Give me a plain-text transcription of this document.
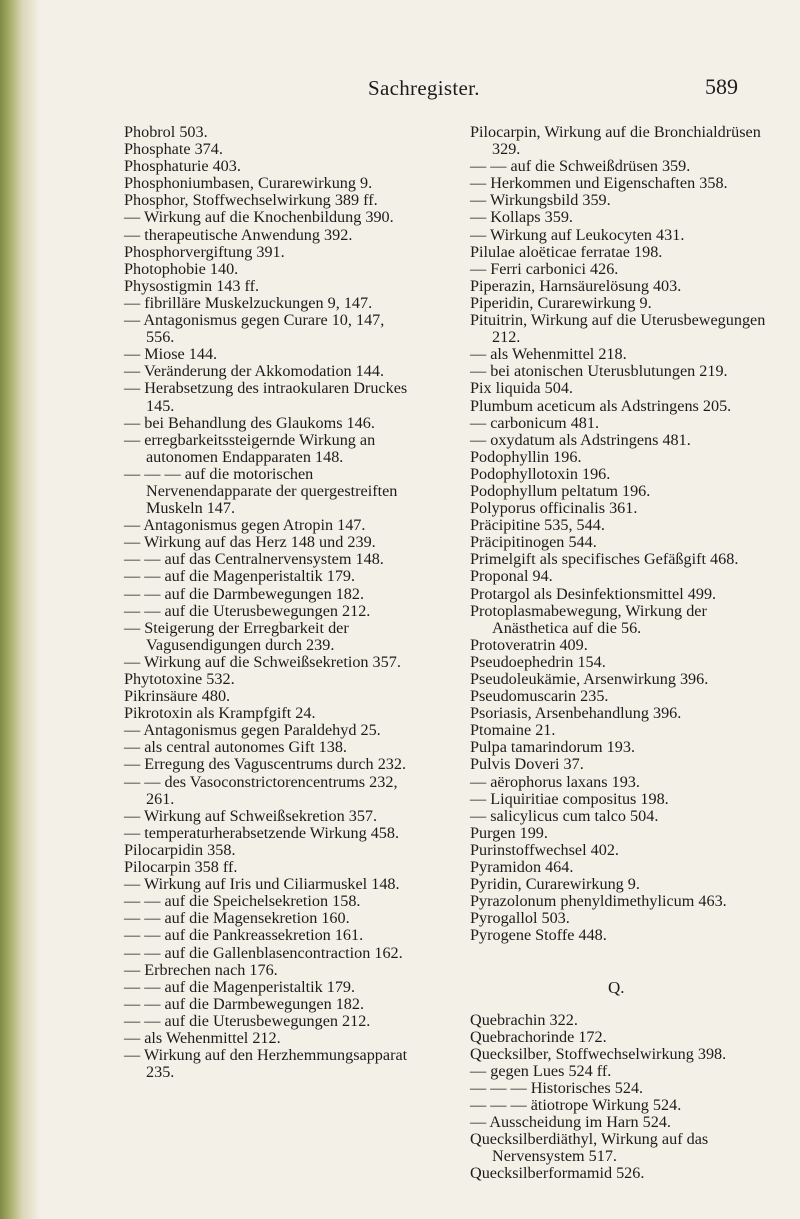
Sachregister.	589
Phobrol 503.
Phosphate 374.
Phosphaturie 403.
Phosphoniumbasen, Curarewirkung 9.
Phosphor, Stoffwechselwirkung 389 ff.
— Wirkung auf die Knochenbildung 390.
— therapeutische Anwendung 392.
Phosphorvergiftung 391.
Photophobie 140.
Physostigmin 143 ff.
— fibrilläre Muskelzuckungen 9, 147.
— Antagonismus gegen Curare 10, 147, 556.
— Miose 144.
— Veränderung der Akkomodation 144.
— Herabsetzung des intraokularen Druckes 145.
— bei Behandlung des Glaukoms 146.
— erregbarkeitssteigernde Wirkung an autonomen Endapparaten 148.
— — — auf die motorischen Nervenendapparate der quergestreiften Muskeln 147.
— Antagonismus gegen Atropin 147.
— Wirkung auf das Herz 148 und 239.
— — auf das Centralnervensystem 148.
— — auf die Magenperistaltik 179.
— — auf die Darmbewegungen 182.
— — auf die Uterusbewegungen 212.
— Steigerung der Erregbarkeit der Vagusendigungen durch 239.
— Wirkung auf die Schweißsekretion 357.
Phytotoxine 532.
Pikrinsäure 480.
Pikrotoxin als Krampfgift 24.
— Antagonismus gegen Paraldehyd 25.
— als central autonomes Gift 138.
— Erregung des Vaguscentrums durch 232.
— — des Vasoconstrictorencentrums 232, 261.
— Wirkung auf Schweißsekretion 357.
— temperaturherabsetzende Wirkung 458.
Pilocarpidin 358.
Pilocarpin 358 ff.
— Wirkung auf Iris und Ciliarmuskel 148.
— — auf die Speichelsekretion 158.
— — auf die Magensekretion 160.
— — auf die Pankreassekretion 161.
— — auf die Gallenblasencontraction 162.
— Erbrechen nach 176.
— — auf die Magenperistaltik 179.
— — auf die Darmbewegungen 182.
— — auf die Uterusbewegungen 212.
— als Wehenmittel 212.
— Wirkung auf den Herzhemmungsapparat 235.
Pilocarpin, Wirkung auf die Bronchialdrüsen 329.
— — auf die Schweißdrüsen 359.
— Herkommen und Eigenschaften 358.
— Wirkungsbild 359.
— Kollaps 359.
— Wirkung auf Leukocyten 431.
Pilulae aloëticae ferratae 198.
— Ferri carbonici 426.
Piperazin, Harnsäurelösung 403.
Piperidin, Curarewirkung 9.
Pituitrin, Wirkung auf die Uterusbewegungen 212.
— als Wehenmittel 218.
— bei atonischen Uterusblutungen 219.
Pix liquida 504.
Plumbum aceticum als Adstringens 205.
— carbonicum 481.
— oxydatum als Adstringens 481.
Podophyllin 196.
Podophyllotoxin 196.
Podophyllum peltatum 196.
Polyporus officinalis 361.
Präcipitine 535, 544.
Präcipitinogen 544.
Primelgift als specifisches Gefäßgift 468.
Proponal 94.
Protargol als Desinfektionsmittel 499.
Protoplasmabewegung, Wirkung der Anästhetica auf die 56.
Protoveratrin 409.
Pseudoephedrin 154.
Pseudoleukämie, Arsenwirkung 396.
Pseudomuscarin 235.
Psoriasis, Arsenbehandlung 396.
Ptomaine 21.
Pulpa tamarindorum 193.
Pulvis Doveri 37.
— aërophorus laxans 193.
— Liquiritiae compositus 198.
— salicylicus cum talco 504.
Purgen 199.
Purinstoffwechsel 402.
Pyramidon 464.
Pyridin, Curarewirkung 9.
Pyrazolonum phenyldimethylicum 463.
Pyrogallol 503.
Pyrogene Stoffe 448.
Q.
Quebrachin 322.
Quebrachorinde 172.
Quecksilber, Stoffwechselwirkung 398.
— gegen Lues 524 ff.
— — — Historisches 524.
— — — ätiotrope Wirkung 524.
— Ausscheidung im Harn 524.
Quecksilberdiäthyl, Wirkung auf das Nervensystem 517.
Quecksilberformamid 526.
